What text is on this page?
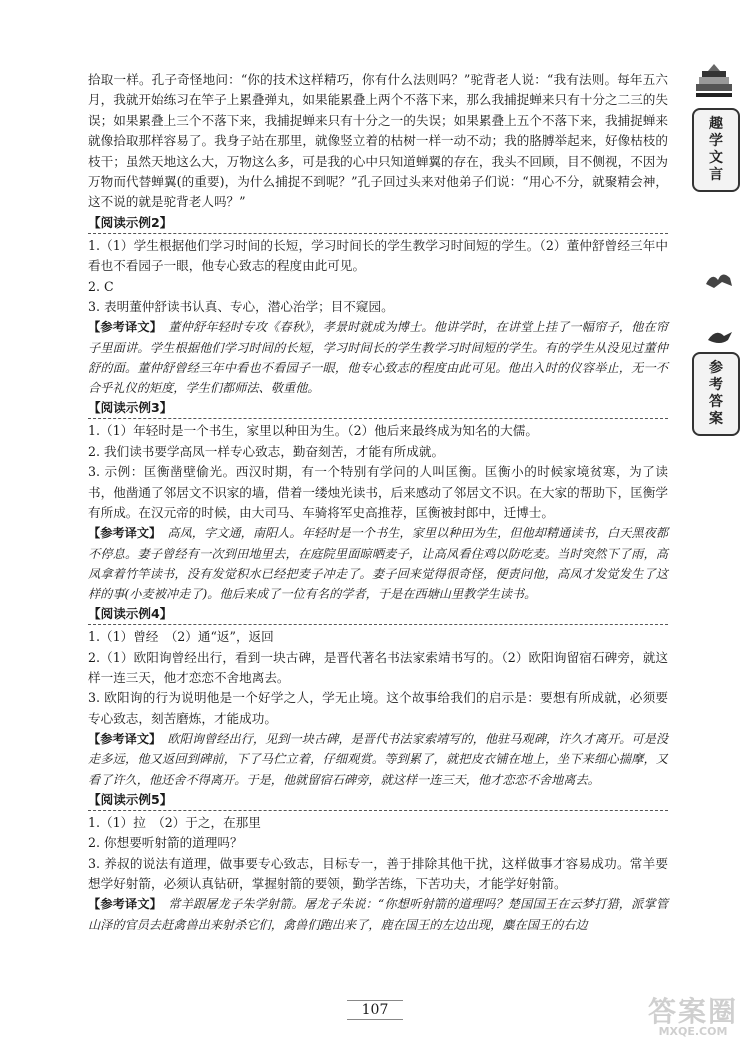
拾取一样。孔子奇怪地问：“你的技术这样精巧，你有什么法则吗？”驼背老人说：“我有法则。每年五六月，我就开始练习在竿子上累叠弹丸，如果能累叠上两个不落下来，那么我捕捉蝉来只有十分之二三的失误；如果累叠上三个不落下来，我捕捉蝉来只有十分之一的失误；如果累叠上五个不落下来，我捕捉蝉来就像拾取那样容易了。我身子站在那里，就像竖立着的枯树一样一动不动；我的胳膊举起来，好像枯枝的枝干；虽然天地这么大，万物这么多，可是我的心中只知道蝉翼的存在，我头不回顾，目不侧视，不因为万物而代替蝉翼(的重要)，为什么捕捉不到呢？”孔子回过头来对他弟子们说：“用心不分，就聚精会神，这不说的就是驼背老人吗？”

【阅读示例2】

1.（1）学生根据他们学习时间的长短，学习时间长的学生教学习时间短的学生。（2）董仲舒曾经三年中看也不看园子一眼，他专心致志的程度由此可见。

2. C

3. 表明董仲舒读书认真、专心，潜心治学；目不窥园。

【参考译文】　 董仲舒年轻时专攻《春秋》，孝景时就成为博士。他讲学时，在讲堂上挂了一幅帘子，他在帘子里面讲。学生根据他们学习时间的长短，学习时间长的学生教学习时间短的学生。有的学生从没见过董仲舒的面。董仲舒曾经三年中看也不看园子一眼，他专心致志的程度由此可见。他出入时的仪容举止，无一不合乎礼仪的矩度，学生们都师法、敬重他。

【阅读示例3】

1.（1）年轻时是一个书生，家里以种田为生。（2）他后来最终成为知名的大儒。

2. 我们读书要学高凤一样专心致志，勤奋刻苦，才能有所成就。

3. 示例：匡衡凿壁偷光。西汉时期，有一个特别有学问的人叫匡衡。匡衡小的时候家境贫寒，为了读书，他凿通了邻居文不识家的墙，借着一缕烛光读书，后来感动了邻居文不识。在大家的帮助下，匡衡学有所成。在汉元帝的时候，由大司马、车骑将军史高推荐，匡衡被封郎中，迁博士。

【参考译文】　 高凤，字文通，南阳人。年轻时是一个书生，家里以种田为生，但他却精通读书，白天黑夜都不停息。妻子曾经有一次到田地里去，在庭院里面晾晒麦子，让高凤看住鸡以防吃麦。当时突然下了雨，高凤拿着竹竿读书，没有发觉积水已经把麦子冲走了。妻子回来觉得很奇怪，便责问他，高凤才发觉发生了这样的事(小麦被冲走了)。他后来成了一位有名的学者，于是在西塘山里教学生读书。

【阅读示例4】

1.（1）曾经　（2）通“返”，返回

2.（1）欧阳询曾经出行，看到一块古碑，是晋代著名书法家索靖书写的。（2）欧阳询留宿石碑旁，就这样一连三天，他才恋恋不舍地离去。

3. 欧阳询的行为说明他是一个好学之人，学无止境。这个故事给我们的启示是：要想有所成就，必须要专心致志，刻苦磨炼，才能成功。

【参考译文】　 欧阳询曾经出行，见到一块古碑，是晋代书法家索靖写的，他驻马观碑，许久才离开。可是没走多远，他又返回到碑前，下了马伫立着，仔细观赏。等到累了，就把皮衣铺在地上，坐下来细心揣摩，又看了许久，他还舍不得离开。于是，他就留宿石碑旁，就这样一连三天，他才恋恋不舍地离去。

【阅读示例5】

1.（1）拉　（2）于之，在那里

2. 你想要听射箭的道理吗？

3. 养叔的说法有道理，做事要专心致志，目标专一，善于排除其他干扰，这样做事才容易成功。常羊要想学好射箭，必须认真钻研，掌握射箭的要领，勤学苦练，下苦功夫，才能学好射箭。

【参考译文】　 常羊跟屠龙子朱学射箭。屠龙子朱说：“你想听射箭的道理吗？楚国国王在云梦打猎，派掌管山泽的官员去赶禽兽出来射杀它们，禽兽们跑出来了，鹿在国王的左边出现，麋在国王的右边

趣
学
文
言
参
考
答
案
107	答案圈
MXQE.COM
